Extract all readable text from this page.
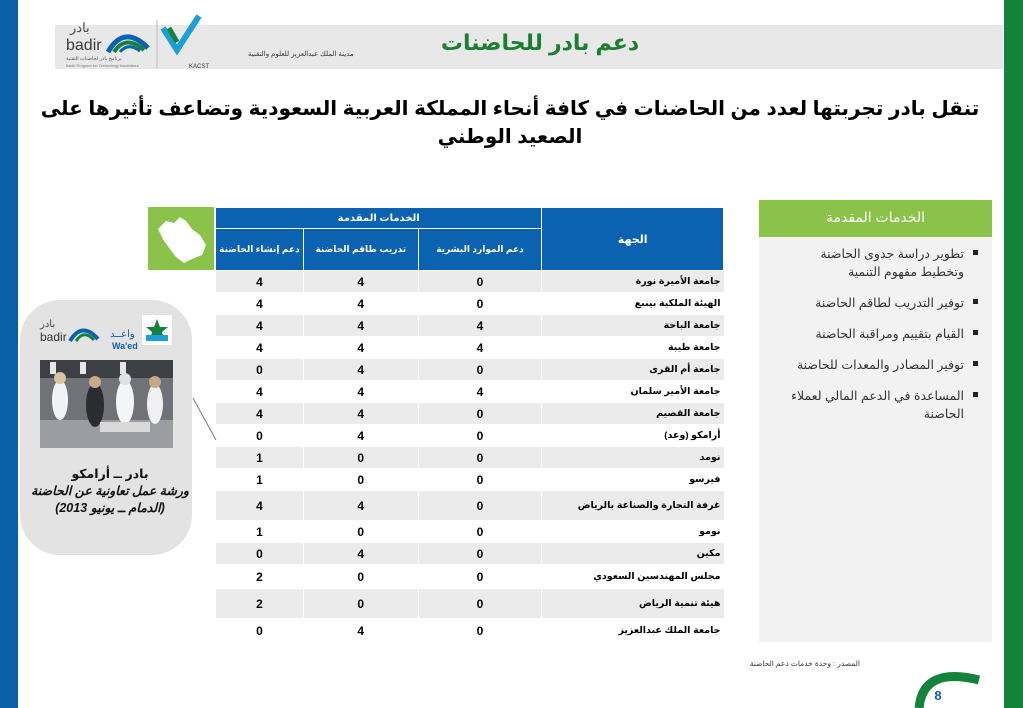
بادر
badir
برنامج بادر لحاضنات التقنية
Badir Program for Technology Incubators
مدينة الملك عبدالعزيز للعلوم والتقنية
KACST
دعم بادر للحاضنات
تنقل بادر تجربتها لعدد من الحاضنات في كافة أنحاء المملكة العربية السعودية وتضاعف تأثيرها على الصعيد الوطني
الجهة	الخدمات المقدمة		
	دعم الموارد البشرية	تدريب طاقم الحاضنة	دعم إنشاء الحاضنة
جامعة الأميرة نورة	0	4	4
الهيئة الملكية بينبع	0	4	4
جامعة الباحة	4	4	4
جامعة طيبة	4	4	4
جامعة أم القرى	0	4	0
جامعة الأمير سلمان	4	4	4
جامعة القصيم	0	4	4
أرامكو (وعد)	0	4	0
نومد	0	0	1
فيرسو	0	0	1
غرفة التجارة والصناعة بالرياض	0	4	4
نومو	0	0	1
مكين	0	4	0
مجلس المهندسين السعودي	0	0	2
هيئة تنمية الرياض	0	0	2
جامعة الملك عبدالعزيز	0	4	0
الخدمات المقدمة
تطوير دراسة جدوى الحاضنة وتخطيط مفهوم التنمية
توفير التدريب لطاقم الحاضنة
القيام بتقييم ومراقبة الحاضنة
توفير المصادر والمعدات للحاضنة
المساعدة في الدعم المالي لعملاء الحاضنة
بادر
badir	واعــد
Wa'ed
بادر ــ أرامكو
ورشة عمل تعاونية عن الحاضنة
(الدمام ــ يونيو 2013)
المصدر : وحدة خدمات دعم الحاضنة
8
